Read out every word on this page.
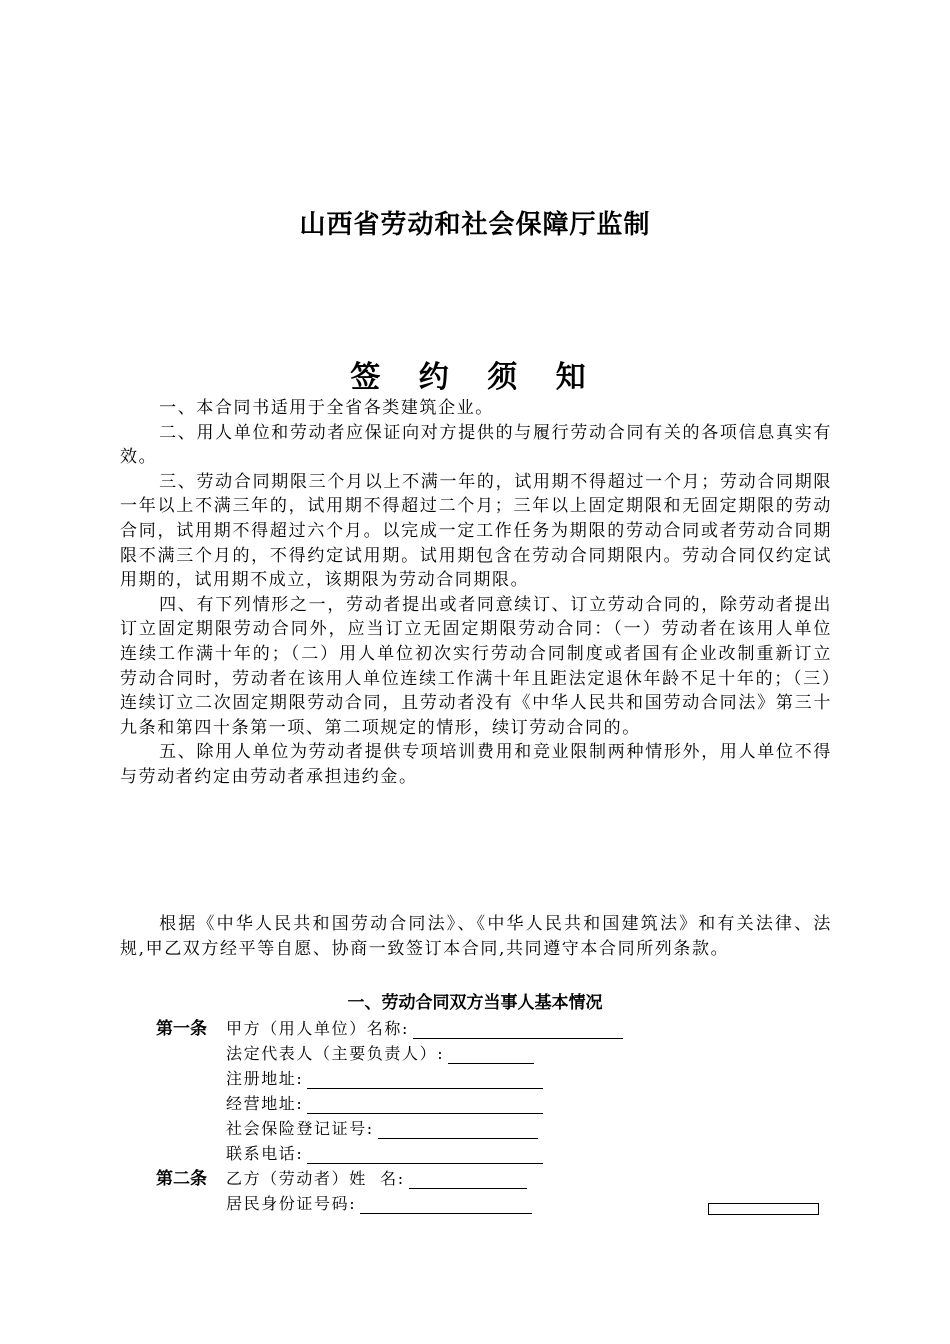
山西省劳动和社会保障厅监制
签 约 须 知

一、本合同书适用于全省各类建筑企业。

二、用人单位和劳动者应保证向对方提供的与履行劳动合同有关的各项信息真实有效。

三、劳动合同期限三个月以上不满一年的，试用期不得超过一个月；劳动合同期限一年以上不满三年的，试用期不得超过二个月；三年以上固定期限和无固定期限的劳动合同，试用期不得超过六个月。以完成一定工作任务为期限的劳动合同或者劳动合同期限不满三个月的，不得约定试用期。试用期包含在劳动合同期限内。劳动合同仅约定试用期的，试用期不成立，该期限为劳动合同期限。

四、有下列情形之一，劳动者提出或者同意续订、订立劳动合同的，除劳动者提出订立固定期限劳动合同外，应当订立无固定期限劳动合同：（一）劳动者在该用人单位连续工作满十年的；（二）用人单位初次实行劳动合同制度或者国有企业改制重新订立劳动合同时，劳动者在该用人单位连续工作满十年且距法定退休年龄不足十年的；（三）连续订立二次固定期限劳动合同，且劳动者没有《中华人民共和国劳动合同法》第三十九条和第四十条第一项、第二项规定的情形，续订劳动合同的。

五、除用人单位为劳动者提供专项培训费用和竞业限制两种情形外，用人单位不得与劳动者约定由劳动者承担违约金。

根据《中华人民共和国劳动合同法》、《中华人民共和国建筑法》和有关法律、法规,甲乙双方经平等自愿、协商一致签订本合同,共同遵守本合同所列条款。

一、劳动合同双方当事人基本情况
第一条	甲方（用人单位）名称:
法定代表人（主要负责人）:
注册地址:
经营地址:
社会保险登记证号:
联系电话:
第二条	乙方（劳动者）姓  名:
居民身份证号码:
